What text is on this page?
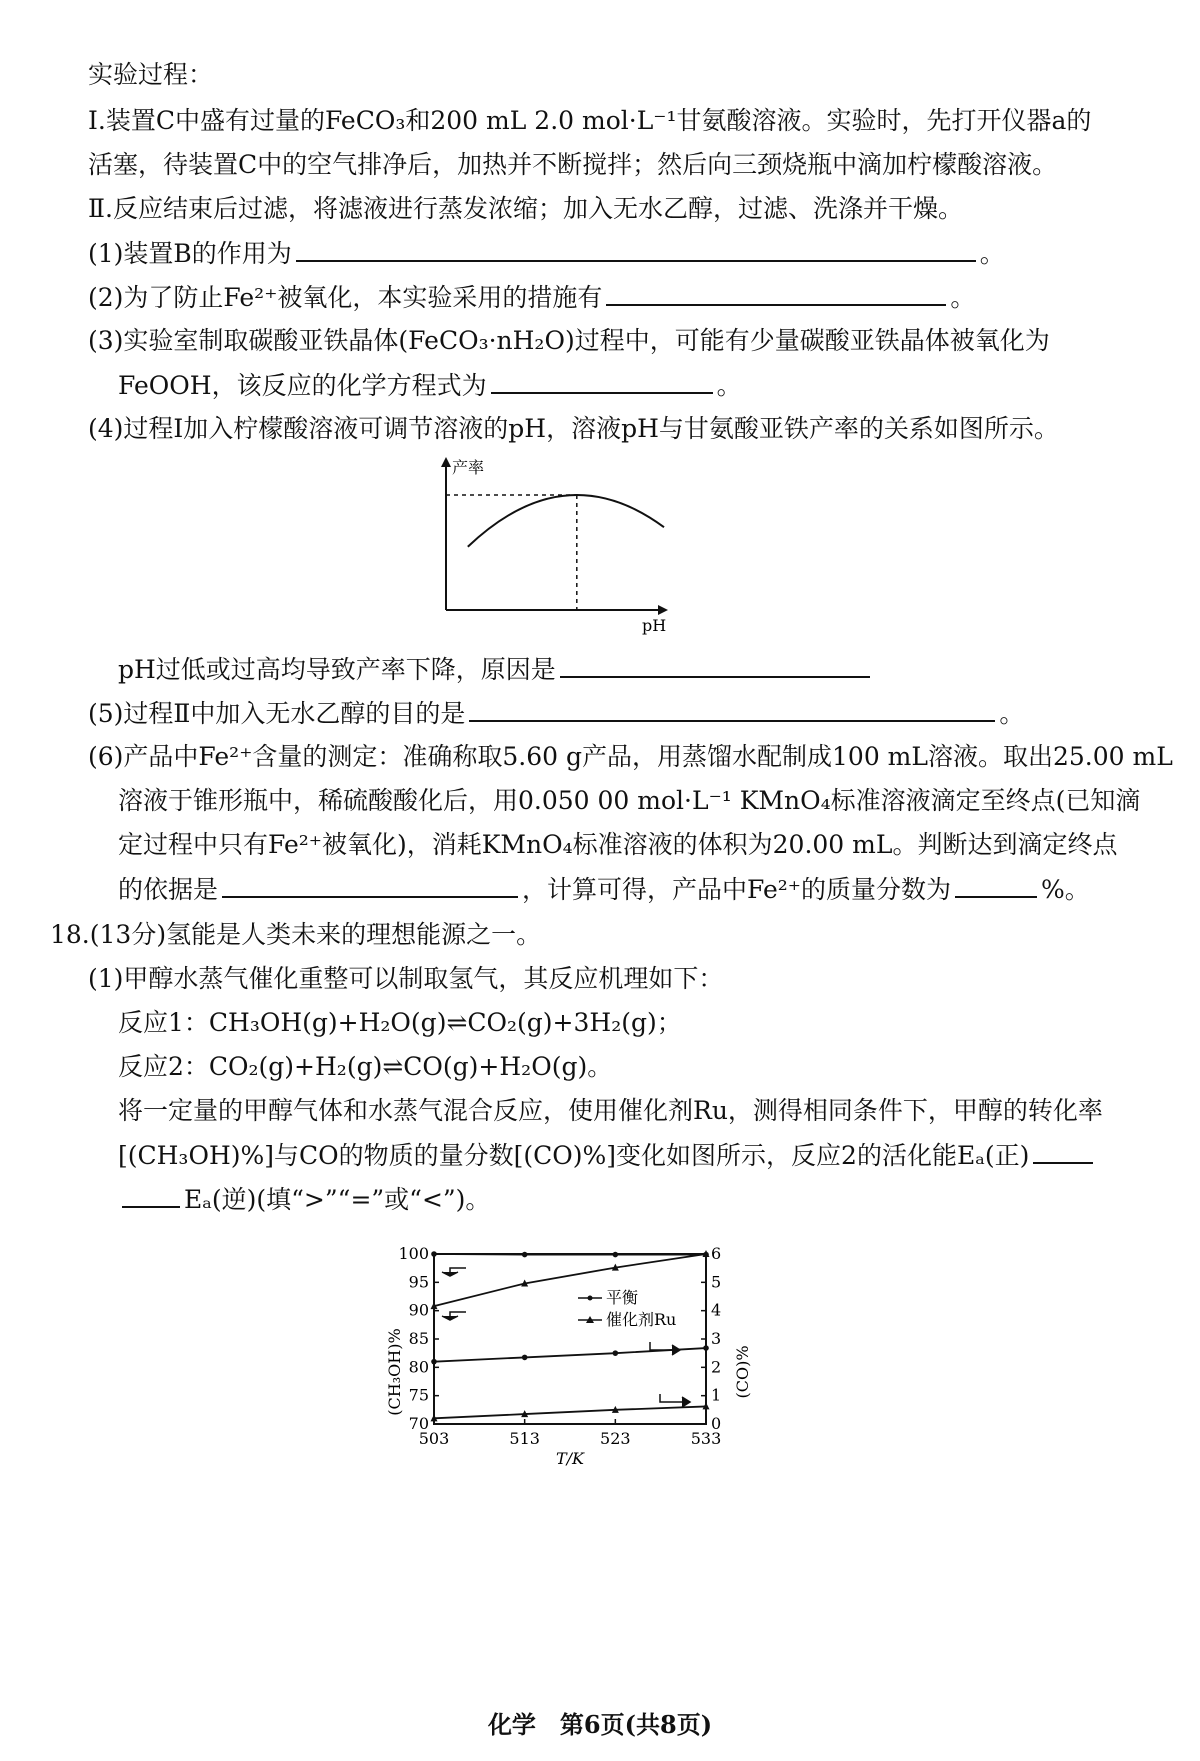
实验过程：
Ⅰ.装置C中盛有过量的FeCO₃和200 mL 2.0 mol·L⁻¹甘氨酸溶液。实验时，先打开仪器a的
活塞，待装置C中的空气排净后，加热并不断搅拌；然后向三颈烧瓶中滴加柠檬酸溶液。
Ⅱ.反应结束后过滤，将滤液进行蒸发浓缩；加入无水乙醇，过滤、洗涤并干燥。
(1)装置B的作用为	。
(2)为了防止Fe²⁺被氧化，本实验采用的措施有	。
(3)实验室制取碳酸亚铁晶体(FeCO₃·nH₂O)过程中，可能有少量碳酸亚铁晶体被氧化为
FeOOH，该反应的化学方程式为	。
(4)过程Ⅰ加入柠檬酸溶液可调节溶液的pH，溶液pH与甘氨酸亚铁产率的关系如图所示。
产率
pH
pH过低或过高均导致产率下降，原因是
(5)过程Ⅱ中加入无水乙醇的目的是	。
(6)产品中Fe²⁺含量的测定：准确称取5.60 g产品，用蒸馏水配制成100 mL溶液。取出25.00 mL
溶液于锥形瓶中，稀硫酸酸化后，用0.050 00 mol·L⁻¹ KMnO₄标准溶液滴定至终点(已知滴
定过程中只有Fe²⁺被氧化)，消耗KMnO₄标准溶液的体积为20.00 mL。判断达到滴定终点
的依据是	，计算可得，产品中Fe²⁺的质量分数为	%。
18.(13分)氢能是人类未来的理想能源之一。
(1)甲醇水蒸气催化重整可以制取氢气，其反应机理如下：
反应1：CH₃OH(g)+H₂O(g)⇌CO₂(g)+3H₂(g)；
反应2：CO₂(g)+H₂(g)⇌CO(g)+H₂O(g)。
将一定量的甲醇气体和水蒸气混合反应，使用催化剂Ru，测得相同条件下，甲醇的转化率
[(CH₃OH)%]与CO的物质的量分数[(CO)%]变化如图所示，反应2的活化能Eₐ(正)
Eₐ(逆)(填“>”“=”或“<”)。
70
75
80
85
90
95
100
0
1
2
3
4
5
6
503	513	523	533
(CH₃OH)%	(CO)%
T/K
平衡
催化剂Ru
化学　第6页(共8页)
